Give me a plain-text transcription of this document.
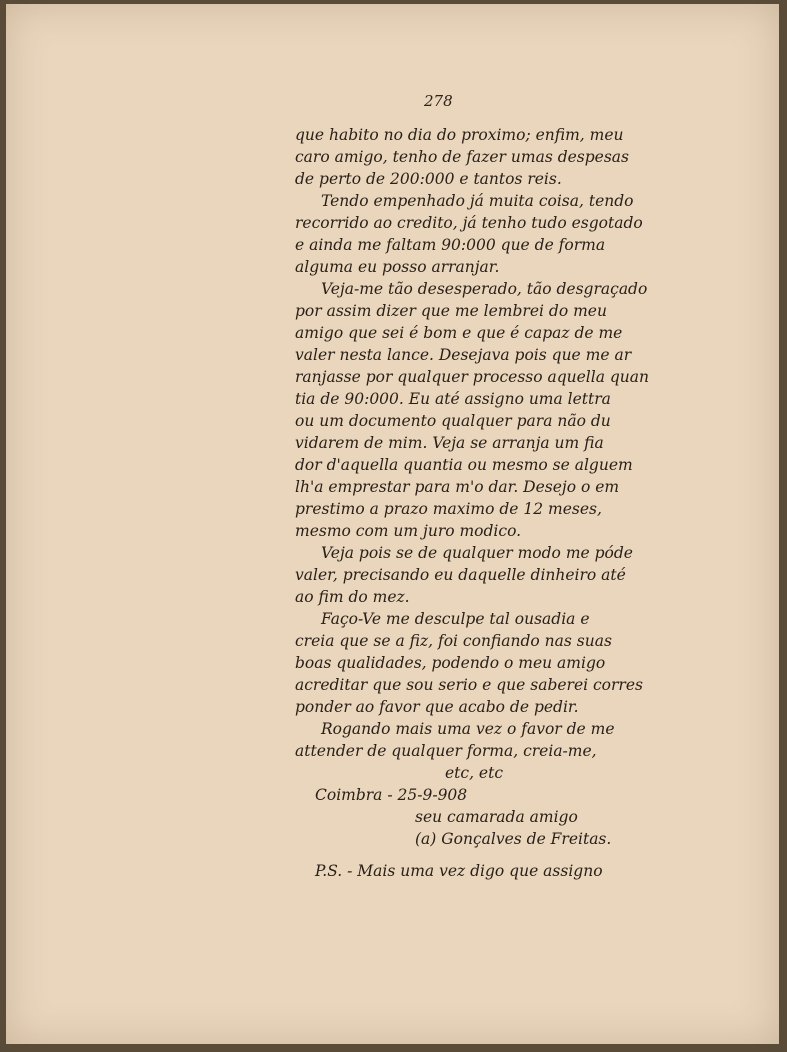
278
que habito no dia do proximo; enfim, meu
caro amigo, tenho de fazer umas despesas
de perto de 200:000 e tantos reis.
Tendo empenhado já muita coisa, tendo
recorrido ao credito, já tenho tudo esgotado
e ainda me faltam 90:000 que de forma
alguma eu posso arranjar.
Veja-me tão desesperado, tão desgraçado
por assim dizer que me lembrei do meu
amigo que sei é bom e que é capaz de me
valer nesta lance. Desejava pois que me ar
ranjasse por qualquer processo aquella quan
tia de 90:000. Eu até assigno uma lettra
ou um documento qualquer para não du
vidarem de mim. Veja se arranja um fia
dor d'aquella quantia ou mesmo se alguem
lh'a emprestar para m'o dar. Desejo o em
prestimo a prazo maximo de 12 meses,
mesmo com um juro modico.
Veja pois se de qualquer modo me póde
valer, precisando eu daquelle dinheiro até
ao fim do mez.
Faço-Ve me desculpe tal ousadia e
creia que se a fiz, foi confiando nas suas
boas qualidades, podendo o meu amigo
acreditar que sou serio e que saberei corres
ponder ao favor que acabo de pedir.
Rogando mais uma vez o favor de me
attender de qualquer forma, creia-me,
etc, etc
Coimbra - 25-9-908
seu camarada amigo
(a) Gonçalves de Freitas.
P.S. - Mais uma vez digo que assigno
